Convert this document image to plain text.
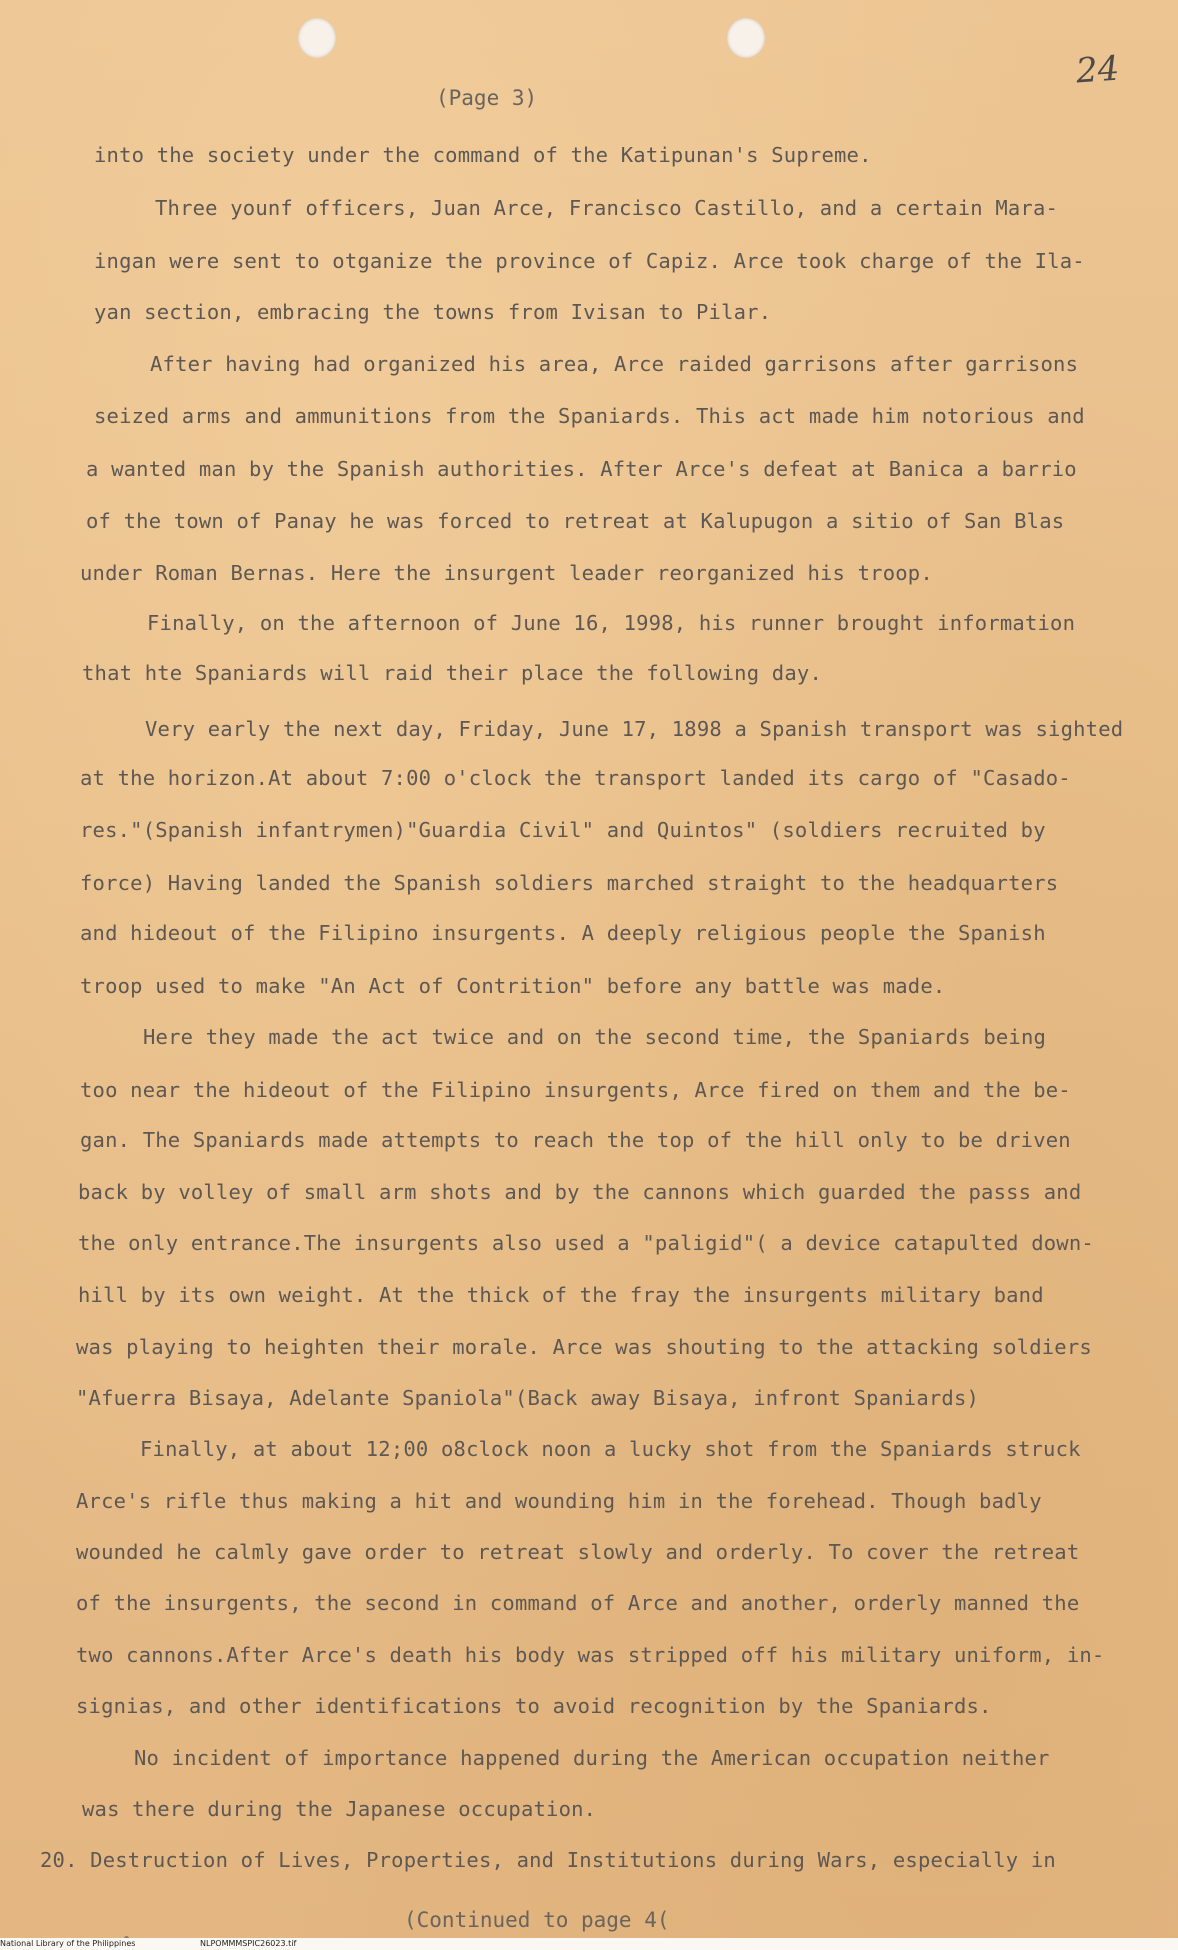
(Page 3)
24
into the society under the command of the Katipunan's Supreme.
Three younf officers, Juan Arce, Francisco Castillo, and a certain Mara-
ingan were sent to otganize the province of Capiz. Arce took charge of the Ila-
yan section, embracing the towns from Ivisan to Pilar.
After having had organized his area, Arce raided garrisons after garrisons
seized arms and ammunitions from the Spaniards. This act made him notorious and
a wanted man by the Spanish authorities. After Arce's defeat at Banica a barrio
of the town of Panay he was forced to retreat at Kalupugon a sitio of San Blas
under Roman Bernas. Here the insurgent leader reorganized his troop.
Finally, on the afternoon of June 16, 1998, his runner brought information
that hte Spaniards will raid their place the following day.
Very early the next day, Friday, June 17, 1898 a Spanish transport was sighted
at the horizon.At about 7:00 o'clock the transport landed its cargo of "Casado-
res."(Spanish infantrymen)"Guardia Civil" and Quintos" (soldiers recruited by
force) Having landed the Spanish soldiers marched straight to the headquarters
and hideout of the Filipino insurgents. A deeply religious people the Spanish
troop used to make "An Act of Contrition" before any battle was made.
Here they made the act twice and on the second time, the Spaniards being
too near the hideout of the Filipino insurgents, Arce fired on them and the be-
gan. The Spaniards made attempts to reach the top of the hill only to be driven
back by volley of small arm shots and by the cannons which guarded the passs and
the only entrance.The insurgents also used a "paligid"( a device catapulted down-
hill by its own weight. At the thick of the fray the insurgents military band
was playing to heighten their morale. Arce was shouting to the attacking soldiers
"Afuerra Bisaya, Adelante Spaniola"(Back away Bisaya, infront Spaniards)
Finally, at about 12;00 o8clock noon a lucky shot from the Spaniards struck
Arce's rifle thus making a hit and wounding him in the forehead. Though badly
wounded he calmly gave order to retreat slowly and orderly. To cover the retreat
of the insurgents, the second in command of Arce and another, orderly manned the
two cannons.After Arce's death his body was stripped off his military uniform, in-
signias, and other identifications to avoid recognition by the Spaniards.
No incident of importance happened during the American occupation neither
was there during the Japanese occupation.
20. Destruction of Lives, Properties, and Institutions during Wars, especially in
(Continued to page 4(
National Library of the Philippines	NLPOMMMSPIC26023.tif
